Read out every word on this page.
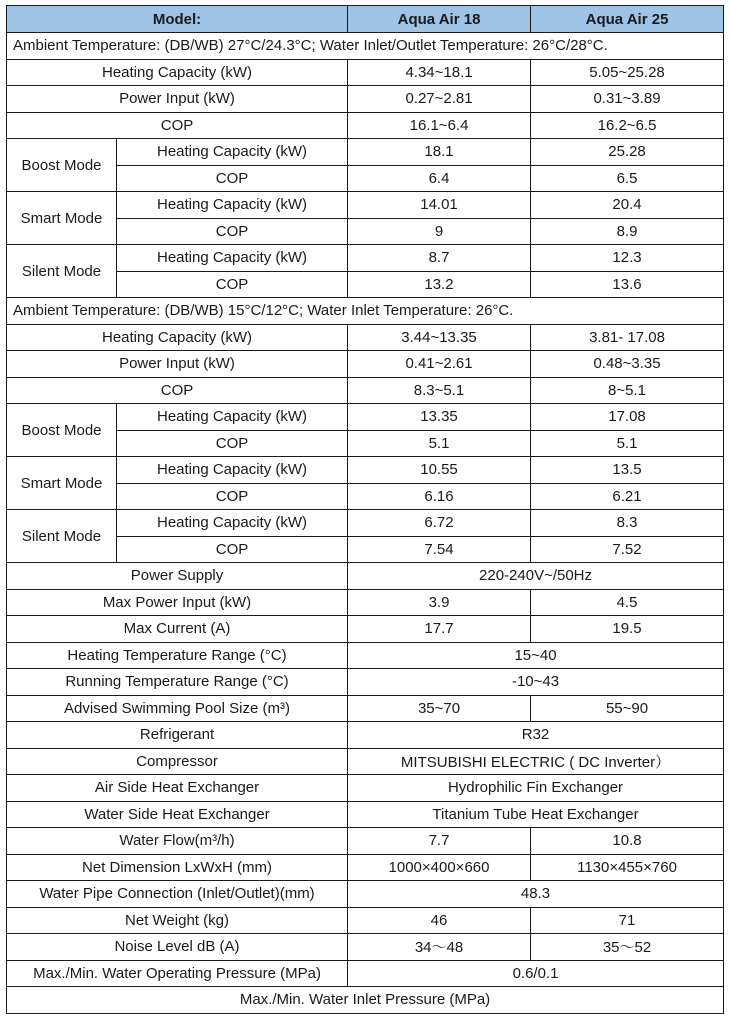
Model:		Aqua Air 18	Aqua Air 25
Ambient Temperature: (DB/WB) 27°C/24.3°C; Water Inlet/Outlet Temperature: 26°C/28°C.			
Heating Capacity (kW)		4.34~18.1	5.05~25.28
Power Input (kW)		0.27~2.81	0.31~3.89
COP		16.1~6.4	16.2~6.5
Boost Mode	Heating Capacity (kW)	18.1	25.28
	COP	6.4	6.5
Smart Mode	Heating Capacity (kW)	14.01	20.4
	COP	9	8.9
Silent Mode	Heating Capacity (kW)	8.7	12.3
	COP	13.2	13.6
Ambient Temperature: (DB/WB) 15°C/12°C; Water Inlet Temperature: 26°C.			
Heating Capacity (kW)		3.44~13.35	3.81- 17.08
Power Input (kW)		0.41~2.61	0.48~3.35
COP		8.3~5.1	8~5.1
Boost Mode	Heating Capacity (kW)	13.35	17.08
	COP	5.1	5.1
Smart Mode	Heating Capacity (kW)	10.55	13.5
	COP	6.16	6.21
Silent Mode	Heating Capacity (kW)	6.72	8.3
	COP	7.54	7.52
Power Supply		220-240V~/50Hz	
Max Power Input (kW)		3.9	4.5
Max Current (A)		17.7	19.5
Heating Temperature Range (°C)		15~40	
Running Temperature Range (°C)		-10~43	
Advised Swimming Pool Size (m³)		35~70	55~90
Refrigerant		R32	
Compressor		MITSUBISHI ELECTRIC ( DC Inverter）	
Air Side Heat Exchanger		Hydrophilic Fin Exchanger	
Water Side Heat Exchanger		Titanium Tube Heat Exchanger	
Water Flow(m³/h)		7.7	10.8
Net Dimension LxWxH (mm)		1000×400×660	1130×455×760
Water Pipe Connection (Inlet/Outlet)(mm)		48.3	
Net Weight (kg)		46	71
Noise Level dB (A)		34～48	35～52
Max./Min. Water Operating Pressure (MPa)		0.6/0.1	
Max./Min. Water Inlet Pressure (MPa)			
